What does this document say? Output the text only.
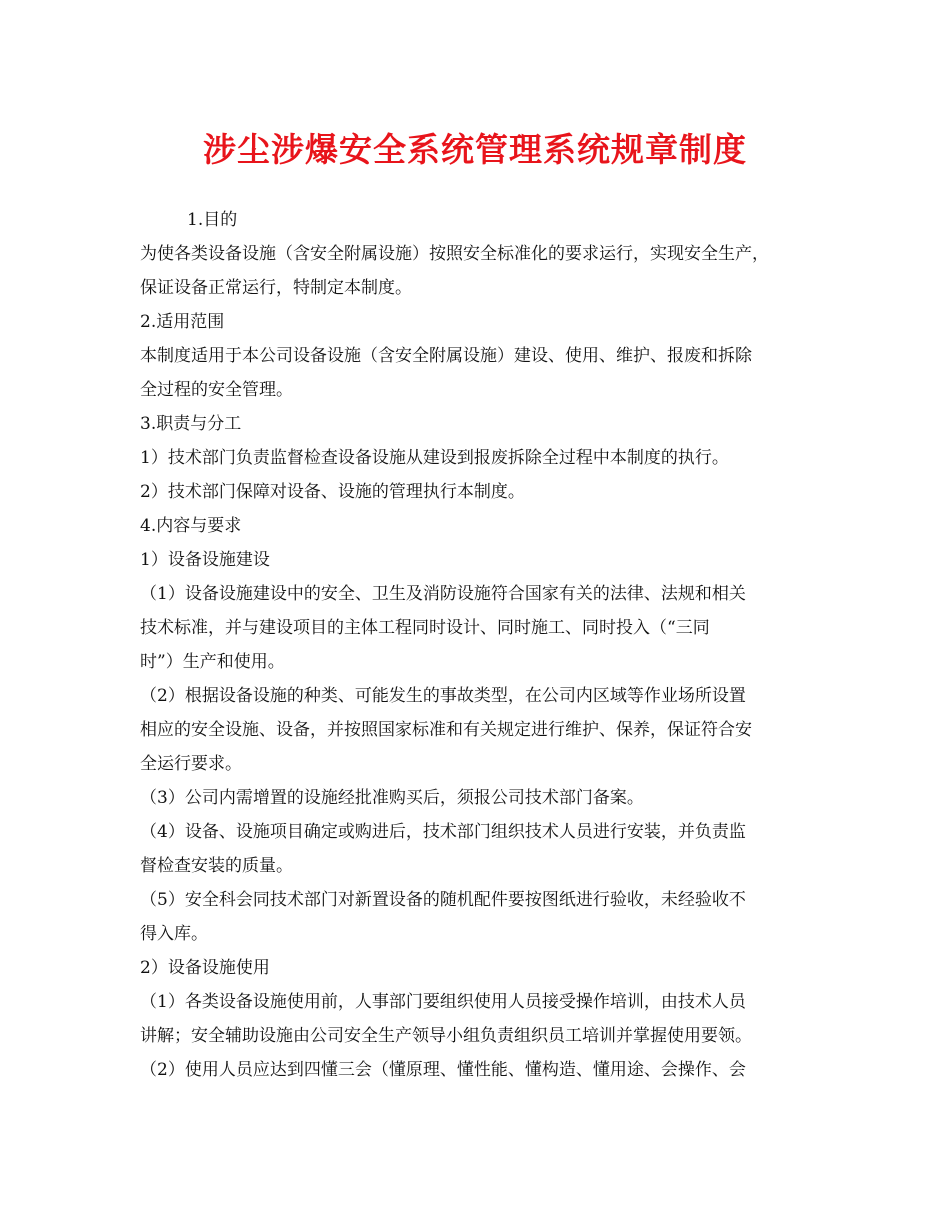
涉尘涉爆安全系统管理系统规章制度
1.目的
为使各类设备设施（含安全附属设施）按照安全标准化的要求运行，实现安全生产，
保证设备正常运行，特制定本制度。
2.适用范围
本制度适用于本公司设备设施（含安全附属设施）建设、使用、维护、报废和拆除
全过程的安全管理。
3.职责与分工
1）技术部门负责监督检查设备设施从建设到报废拆除全过程中本制度的执行。
2）技术部门保障对设备、设施的管理执行本制度。
4.内容与要求
1）设备设施建设
（1）设备设施建设中的安全、卫生及消防设施符合国家有关的法律、法规和相关
技术标准，并与建设项目的主体工程同时设计、同时施工、同时投入（“三同
时”）生产和使用。
（2）根据设备设施的种类、可能发生的事故类型，在公司内区域等作业场所设置
相应的安全设施、设备，并按照国家标准和有关规定进行维护、保养，保证符合安
全运行要求。
（3）公司内需增置的设施经批准购买后，须报公司技术部门备案。
（4）设备、设施项目确定或购进后，技术部门组织技术人员进行安装，并负责监
督检查安装的质量。
（5）安全科会同技术部门对新置设备的随机配件要按图纸进行验收，未经验收不
得入库。
2）设备设施使用
（1）各类设备设施使用前，人事部门要组织使用人员接受操作培训，由技术人员
讲解；安全辅助设施由公司安全生产领导小组负责组织员工培训并掌握使用要领。
（2）使用人员应达到四懂三会（懂原理、懂性能、懂构造、懂用途、会操作、会
